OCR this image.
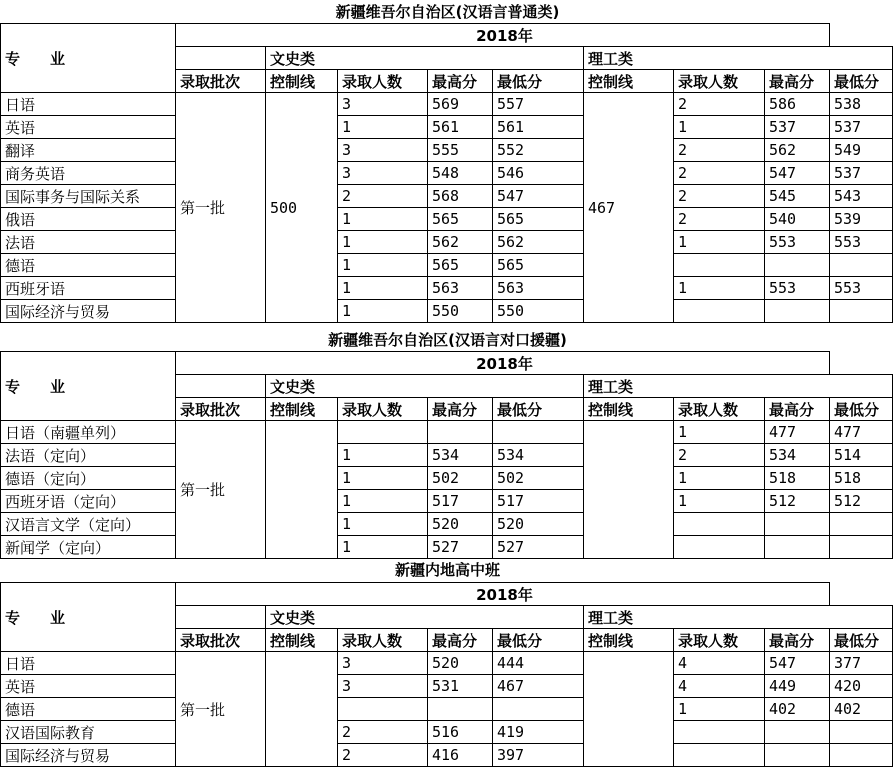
新疆维吾尔自治区(汉语言普通类)
专　　业	2018年								
		文史类				理工类			
	录取批次	控制线	录取人数	最高分	最低分	控制线	录取人数	最高分	最低分
日语	第一批	500	3	569	557	467	2	586	538
英语			1	561	561		1	537	537
翻译			3	555	552		2	562	549
商务英语			3	548	546		2	547	537
国际事务与国际关系			2	568	547		2	545	543
俄语			1	565	565		2	540	539
法语			1	562	562		1	553	553
德语			1	565	565				
西班牙语			1	563	563		1	553	553
国际经济与贸易			1	550	550				
新疆维吾尔自治区(汉语言对口援疆)
专　　业	2018年								
		文史类				理工类			
	录取批次	控制线	录取人数	最高分	最低分	控制线	录取人数	最高分	最低分
日语（南疆单列）	第一批						1	477	477
法语（定向）			1	534	534		2	534	514
德语（定向）			1	502	502		1	518	518
西班牙语（定向）			1	517	517		1	512	512
汉语言文学（定向）			1	520	520				
新闻学（定向）			1	527	527				
新疆内地高中班
专　　业	2018年								
		文史类				理工类			
	录取批次	控制线	录取人数	最高分	最低分	控制线	录取人数	最高分	最低分
日语	第一批		3	520	444		4	547	377
英语			3	531	467		4	449	420
德语							1	402	402
汉语国际教育			2	516	419				
国际经济与贸易			2	416	397				
